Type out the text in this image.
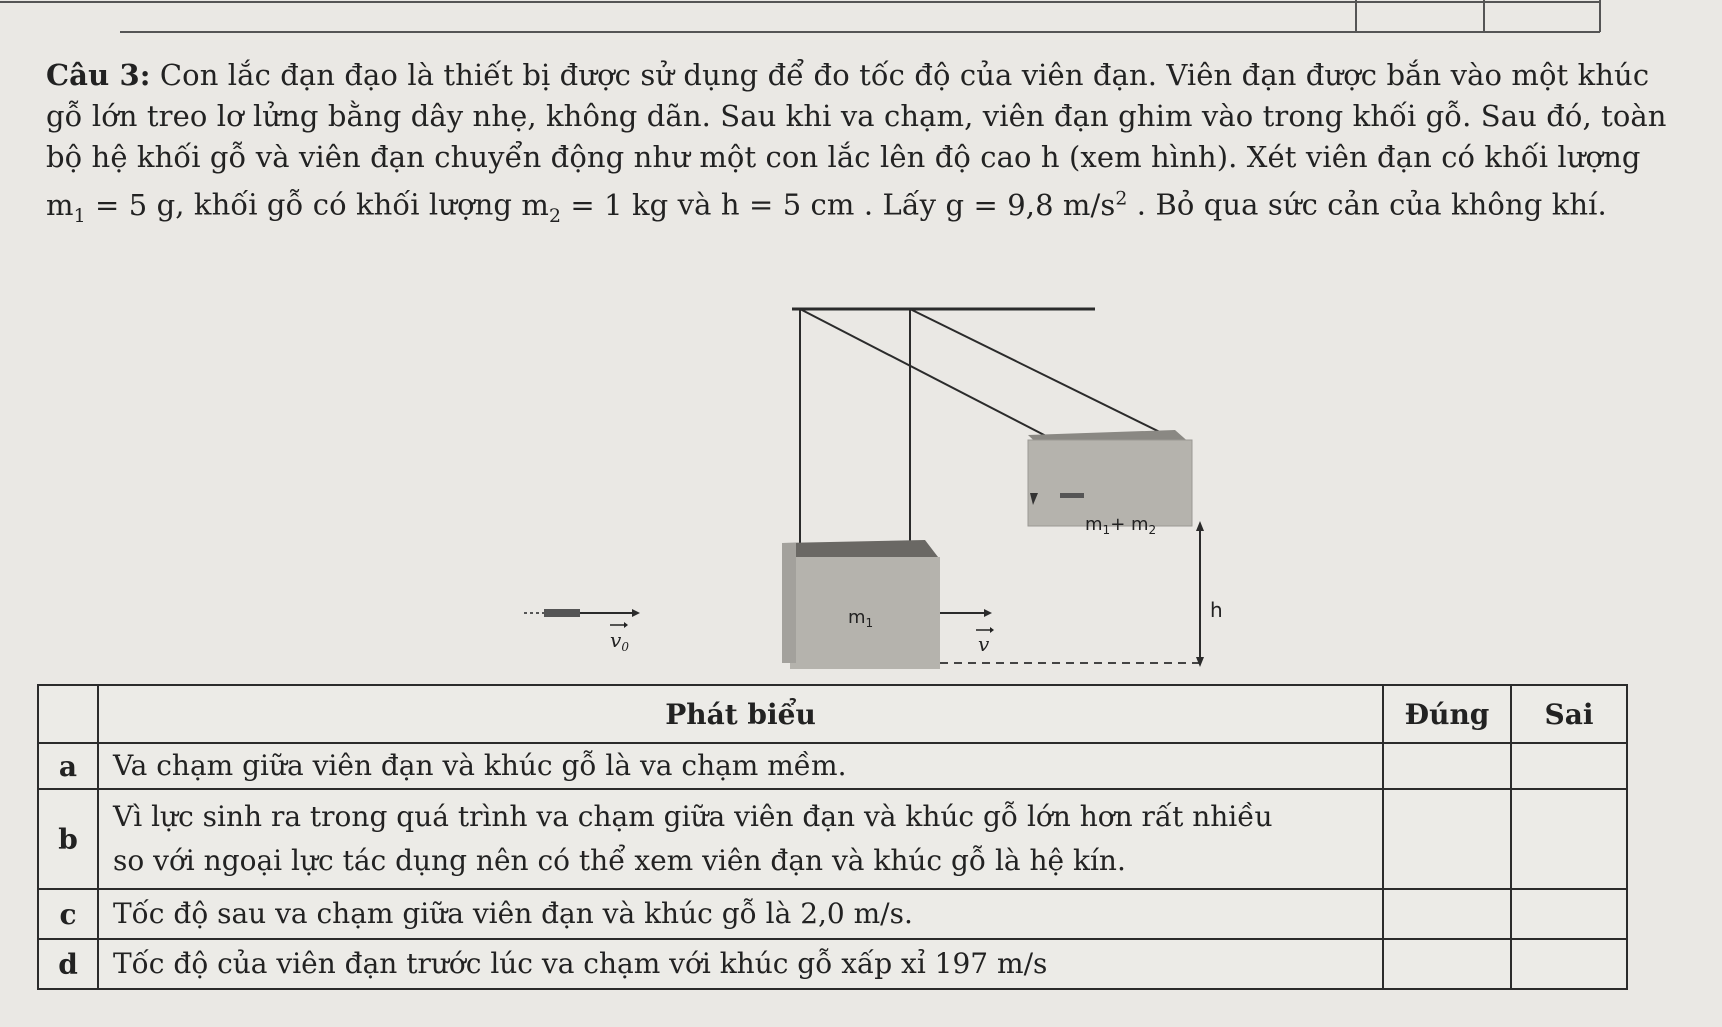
Câu 3: Con lắc đạn đạo là thiết bị được sử dụng để đo tốc độ của viên đạn. Viên đạn được bắn vào một khúc

gỗ lớn treo lơ lửng bằng dây nhẹ, không dãn. Sau khi va chạm, viên đạn ghim vào trong khối gỗ. Sau đó, toàn

bộ hệ khối gỗ và viên đạn chuyển động như một con lắc lên độ cao h (xem hình). Xét viên đạn có khối lượng

$m_1 = 5$ g, khối gỗ có khối lượng $m_2 = 1$ kg và h = 5 cm . Lấy g = 9,8 $m/s^2$ . Bỏ qua sức cản của không khí.

$m_1+ m_2$
$m_1$
$v_0$	v
h
	Phát biểu	Đúng	Sai
a	Va chạm giữa viên đạn và khúc gỗ là va chạm mềm.		
b	Vì lực sinh ra trong quá trình va chạm giữa viên đạn và khúc gỗ lớn hơn rất nhiều
so với ngoại lực tác dụng nên có thể xem viên đạn và khúc gỗ là hệ kín.		

c	Tốc độ sau va chạm giữa viên đạn và khúc gỗ là 2,0 m/s.		
d	Tốc độ của viên đạn trước lúc va chạm với khúc gỗ xấp xỉ 197 m/s		
